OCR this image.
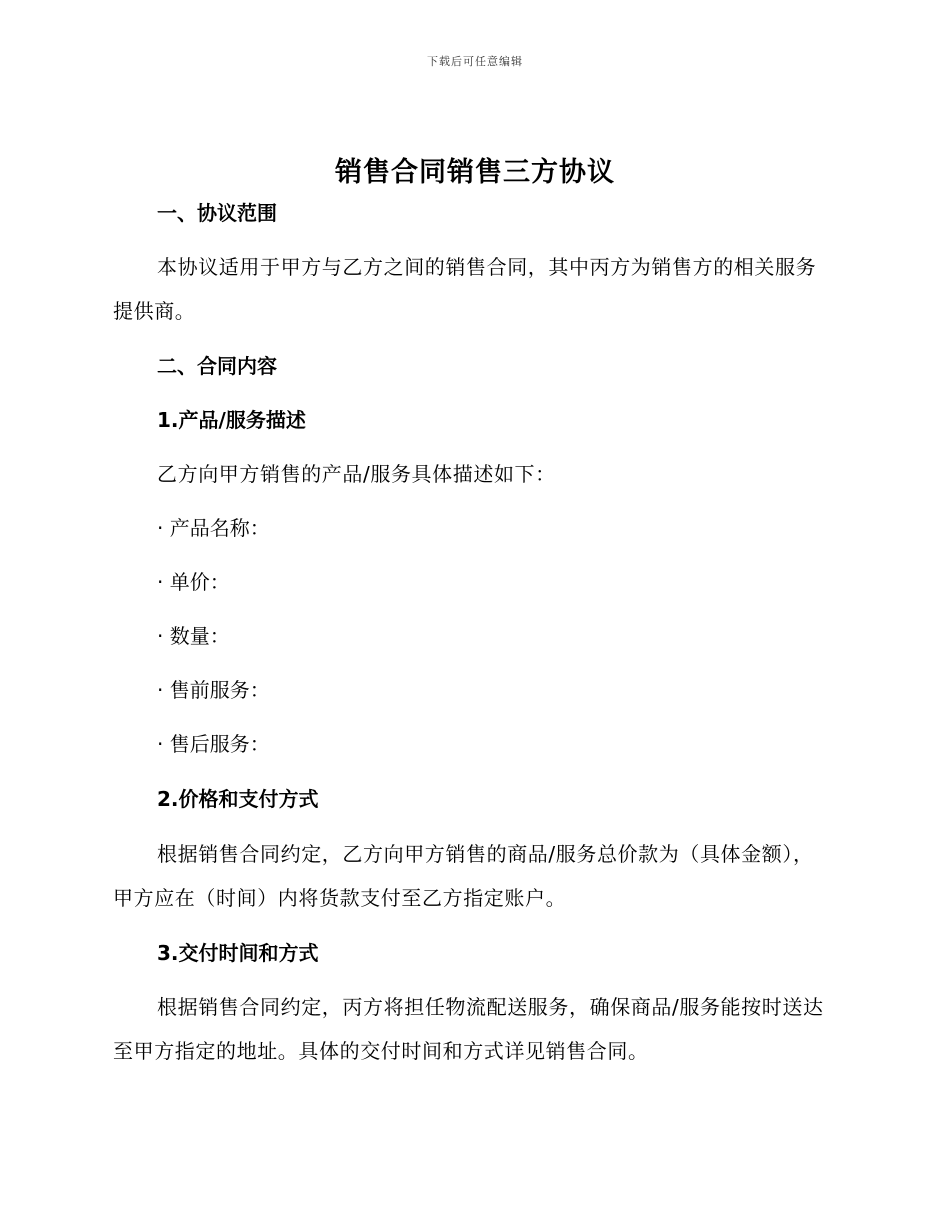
下载后可任意编辑
销售合同销售三方协议
一、协议范围
本协议适用于甲方与乙方之间的销售合同，其中丙方为销售方的相关服务提供商。
二、合同内容
1.产品/服务描述
乙方向甲方销售的产品/服务具体描述如下：
· 产品名称：
· 单价：
· 数量：
· 售前服务：
· 售后服务：
2.价格和支付方式
根据销售合同约定，乙方向甲方销售的商品/服务总价款为（具体金额），甲方应在（时间）内将货款支付至乙方指定账户。
3.交付时间和方式
根据销售合同约定，丙方将担任物流配送服务，确保商品/服务能按时送达至甲方指定的地址。具体的交付时间和方式详见销售合同。
